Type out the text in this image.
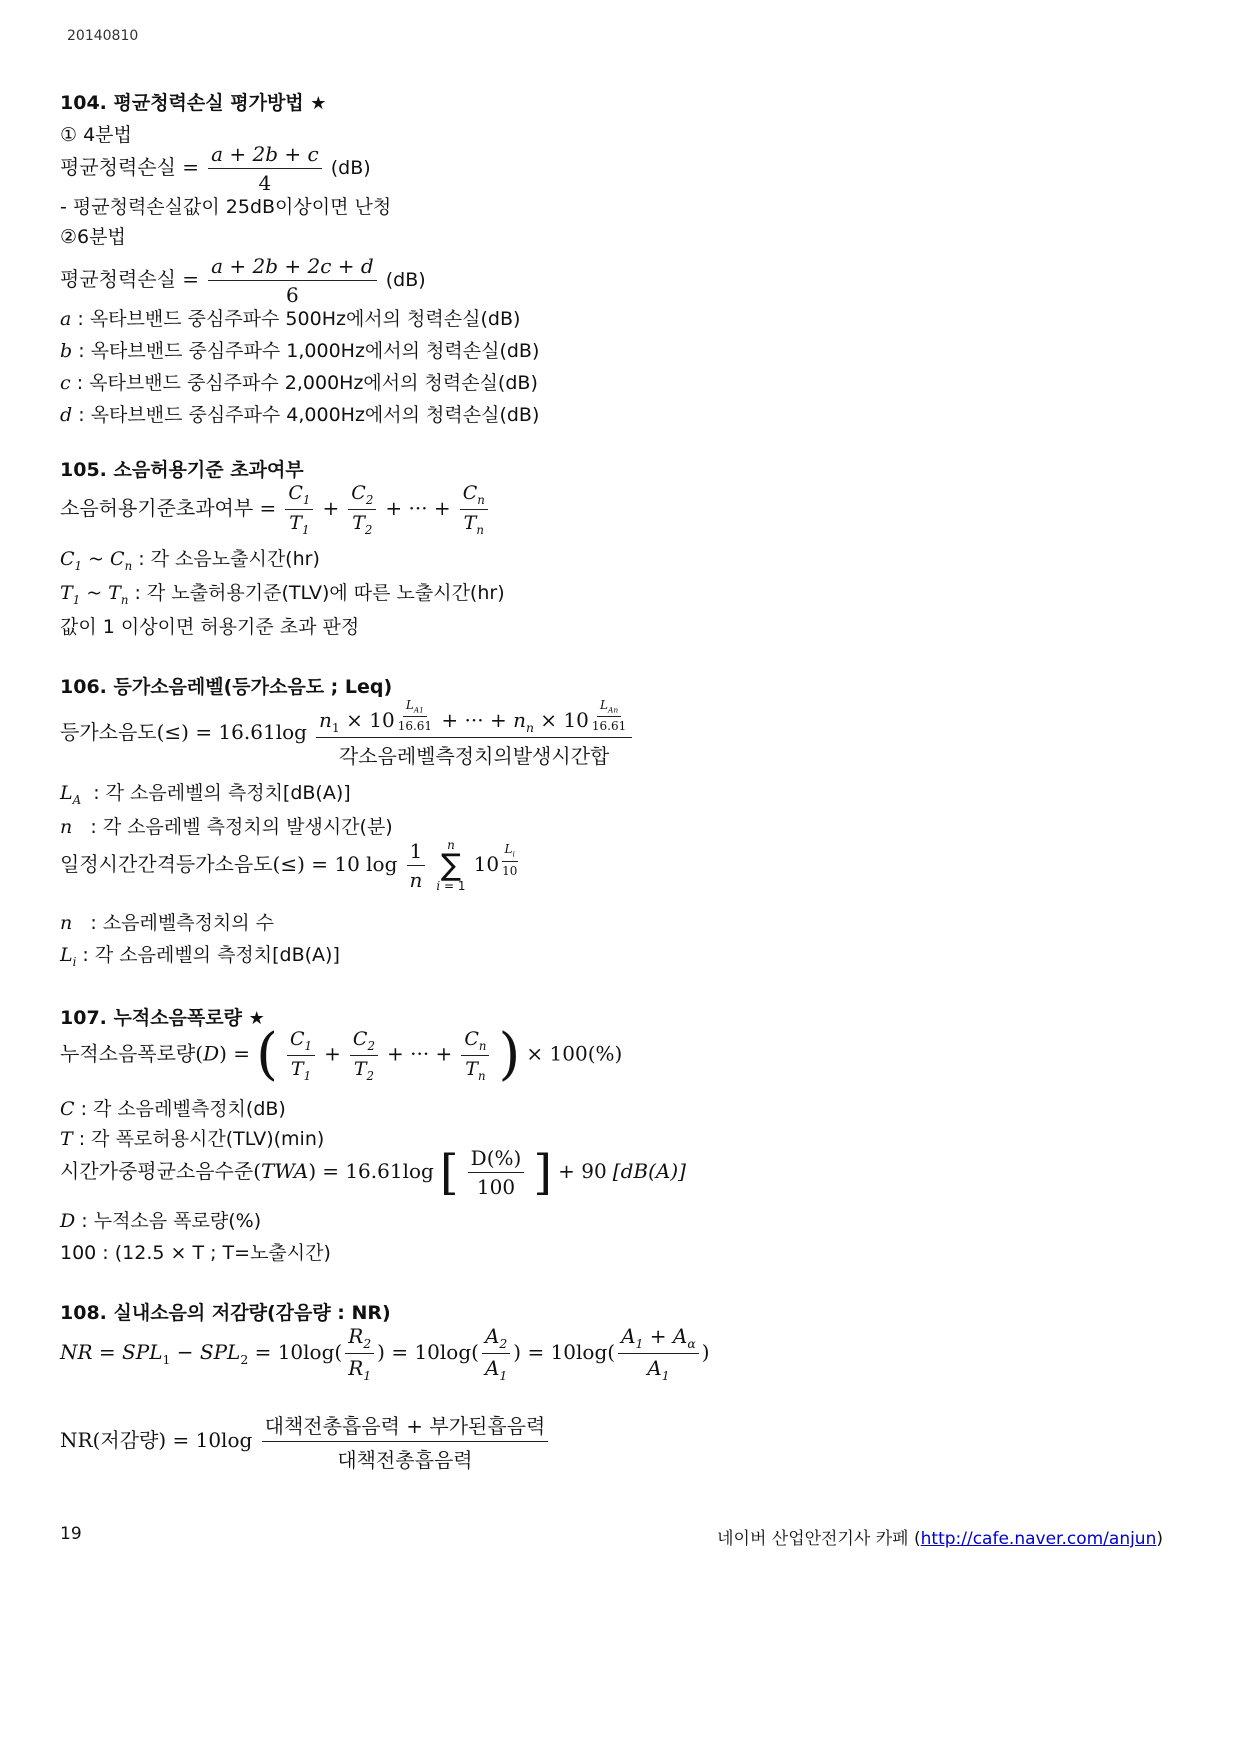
20140810
104. 평균청력손실 평가방법 ★
① 4분법
평균청력손실 = $\frac{a + 2b + c}{4} (dB)$
- 평균청력손실값이 25dB이상이면 난청
②6분법
평균청력손실 = $\frac{a + 2b + 2c + d}{6} (dB)$
a : 옥타브밴드 중심주파수 500Hz에서의 청력손실(dB)
b : 옥타브밴드 중심주파수 1,000Hz에서의 청력손실(dB)
c : 옥타브밴드 중심주파수 2,000Hz에서의 청력손실(dB)
d : 옥타브밴드 중심주파수 4,000Hz에서의 청력손실(dB)
105. 소음허용기준 초과여부
소음허용기준초과여부 = $\frac{C_1}{T_1} + \frac{C_2}{T_2}$ + ··· + $\frac{C_n}{T_n}$
$C_1$ ~ $C_n$ : 각 소음노출시간(hr)
$T_1$ ~ $T_n$ : 각 노출허용기준(TLV)에 따른 노출시간(hr)
값이 1 이상이면 허용기준 초과 판정
106. 등가소음레벨(등가소음도 ; Leq)
등가소음도(≤) = 16.61log $n_1 \times 10$ $^{\frac{L_{A1}}{16.61}}$ + ··· + $n_n \times 10$ $^{\frac{L_{An}}{16.61}}$
각소음레벨측정치의발생시간합
$L_A$  : 각 소음레벨의 측정치[dB(A)]
n   : 각 소음레벨 측정치의 발생시간(분)
일정시간간격등가소음도(≤) = 10 $\log \frac{1}{n}$
n
∑
i = 1
10 $^{\frac{L_i}{10}}$
n   : 소음레벨측정치의 수
$L_i$ : 각 소음레벨의 측정치[dB(A)]
107. 누적소음폭로량 ★
누적소음폭로량(D) = ( $\frac{C_1}{T_1} + \frac{C_2}{T_2}$ + ··· + $\frac{C_n}{T_n}$ ) × 100(%)
C : 각 소음레벨측정치(dB)
T : 각 폭로허용시간(TLV)(min)
시간가중평균소음수준(TWA) = 16.61log [ $\frac{D(\%)}{100}$ ] + 90 [dB(A)]
D : 누적소음 폭로량(%)
100 : (12.5 × T ; T=노출시간)
108. 실내소음의 저감량(감음량 : NR)
NR = $SPL_1 - SPL_2 = 10\log( \frac{R_2}{R_1}$ ) = $10\log( \frac{A_2}{A_1}$ ) = $10\log( \frac{A_1 + A_\alpha}{A_1}$ )
NR(저감량) = $10\log \frac{\text{대책전총흡음력 + 부가된흡음력}}{\text{대책전총흡음력}}$
19	네이버 산업안전기사 카페 (http://cafe.naver.com/anjun)
